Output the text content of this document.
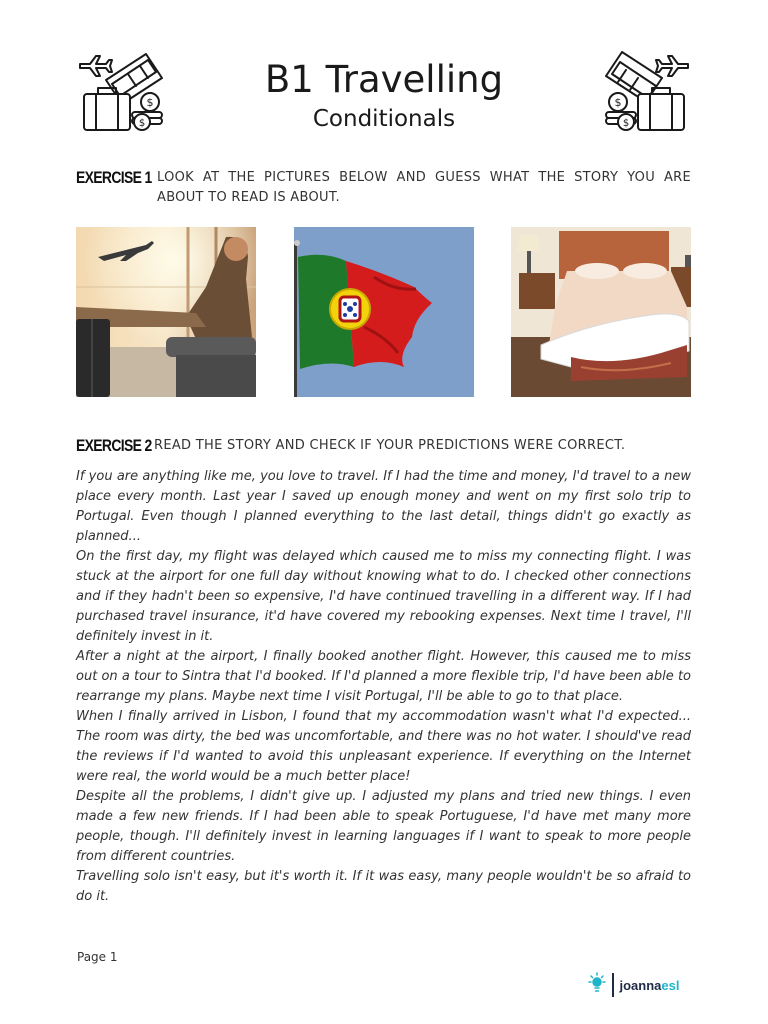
$
$
B1 Travelling
Conditionals
$
$
EXERCISE 1 LOOK AT THE PICTURES BELOW AND GUESS WHAT THE STORY YOU ARE ABOUT TO READ IS ABOUT.
EXERCISE 2 READ THE STORY AND CHECK IF YOUR PREDICTIONS WERE CORRECT.

If you are anything like me, you love to travel. If I had the time and money, I'd travel to a new place every month. Last year I saved up enough money and went on my first solo trip to Portugal. Even though I planned everything to the last detail, things didn't go exactly as planned...

On the first day, my flight was delayed which caused me to miss my connecting flight. I was stuck at the airport for one full day without knowing what to do. I checked other connections and if they hadn't been so expensive, I'd have continued travelling in a different way. If I had purchased travel insurance, it'd have covered my rebooking expenses. Next time I travel, I'll definitely invest in it.

After a night at the airport, I finally booked another flight. However, this caused me to miss out on a tour to Sintra that I'd booked. If I'd planned a more flexible trip, I'd have been able to rearrange my plans. Maybe next time I visit Portugal, I'll be able to go to that place.

When I finally arrived in Lisbon, I found that my accommodation wasn't what I'd expected... The room was dirty, the bed was uncomfortable, and there was no hot water. I should've read the reviews if I'd wanted to avoid this unpleasant experience. If everything on the Internet were real, the world would be a much better place!

Despite all the problems, I didn't give up. I adjusted my plans and tried new things. I even made a few new friends. If I had been able to speak Portuguese, I'd have met many more people, though. I'll definitely invest in learning languages if I want to speak to more people from different countries.

Travelling solo isn't easy, but it's worth it. If it was easy, many people wouldn't be so afraid to do it.

Page 1
joannaesl
